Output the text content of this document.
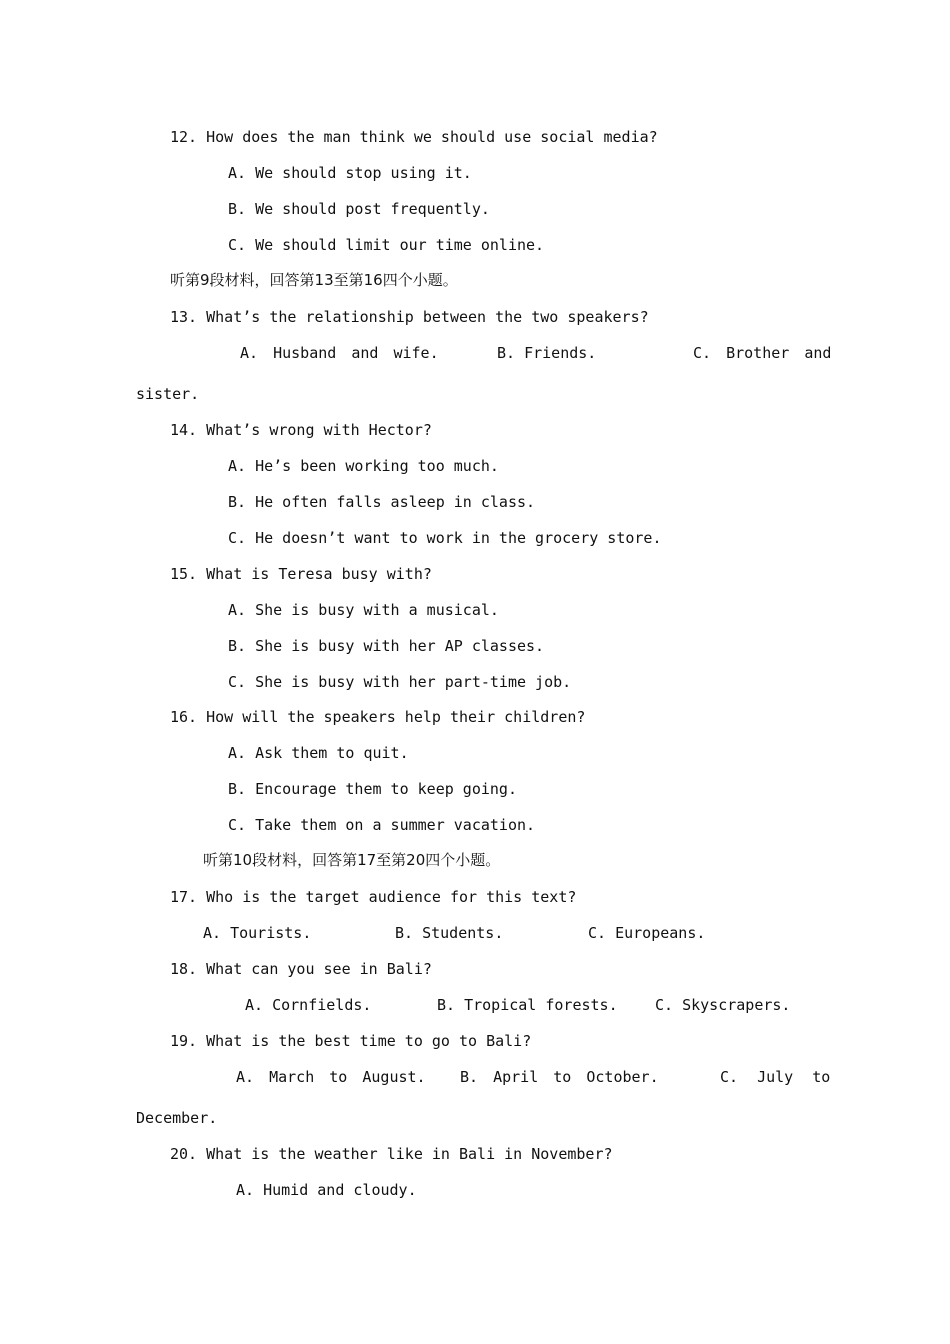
12. How does the man think we should use social media?
A. We should stop using it.
B. We should post frequently.
C. We should limit our time online.
听第9段材料，回答第13至第16四个小题。
13. What’s the relationship between the two speakers?
A. Husband and wife.	B. Friends.	C. Brother and
sister.
14. What’s wrong with Hector?
A. He’s been working too much.
B. He often falls asleep in class.
C. He doesn’t want to work in the grocery store.
15. What is Teresa busy with?
A. She is busy with a musical.
B. She is busy with her AP classes.
C. She is busy with her part-time job.
16. How will the speakers help their children?
A. Ask them to quit.
B. Encourage them to keep going.
C. Take them on a summer vacation.
听第10段材料，回答第17至第20四个小题。
17. Who is the target audience for this text?
A. Tourists.	B. Students.	C. Europeans.
18. What can you see in Bali?
A. Cornfields.	B. Tropical forests. C. Skyscrapers.
19. What is the best time to go to Bali?
A. March to August. B. April to October.	C. July to
December.
20. What is the weather like in Bali in November?
A. Humid and cloudy.
